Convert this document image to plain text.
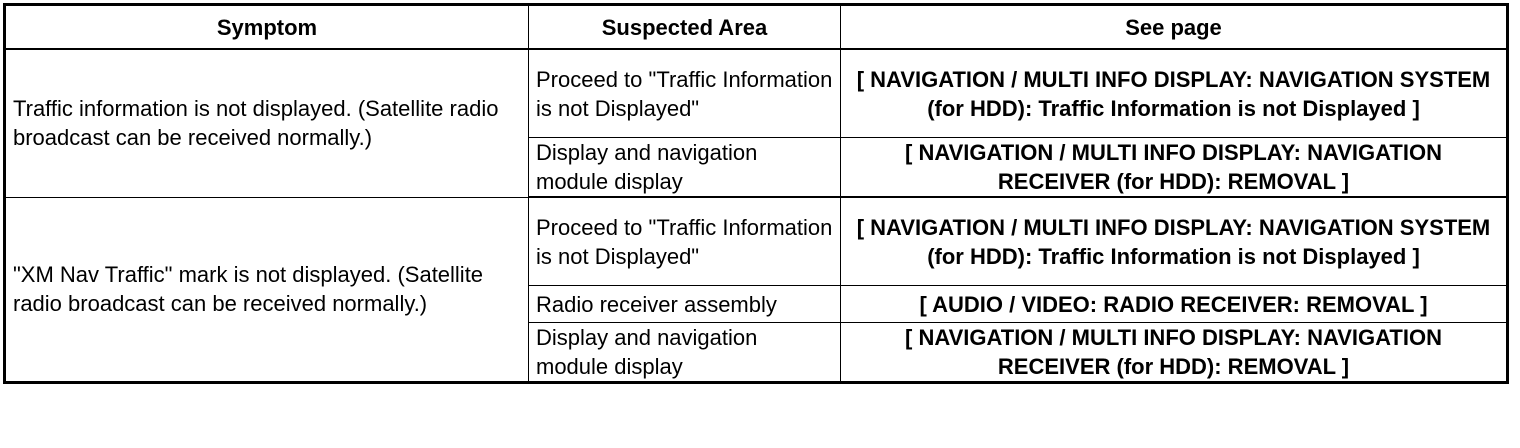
Symptom	Suspected Area	See page
Traffic information is not displayed. (Satellite radio broadcast can be received normally.)	Proceed to "Traffic Information is not Displayed"	[ NAVIGATION / MULTI INFO DISPLAY: NAVIGATION SYSTEM (for HDD): Traffic Information is not Displayed ]
	Display and navigation module display	[ NAVIGATION / MULTI INFO DISPLAY: NAVIGATION RECEIVER (for HDD): REMOVAL ]
"XM Nav Traffic" mark is not displayed. (Satellite radio broadcast can be received normally.)	Proceed to "Traffic Information is not Displayed"	[ NAVIGATION / MULTI INFO DISPLAY: NAVIGATION SYSTEM (for HDD): Traffic Information is not Displayed ]
	Radio receiver assembly	[ AUDIO / VIDEO: RADIO RECEIVER: REMOVAL ]
	Display and navigation module display	[ NAVIGATION / MULTI INFO DISPLAY: NAVIGATION RECEIVER (for HDD): REMOVAL ]
